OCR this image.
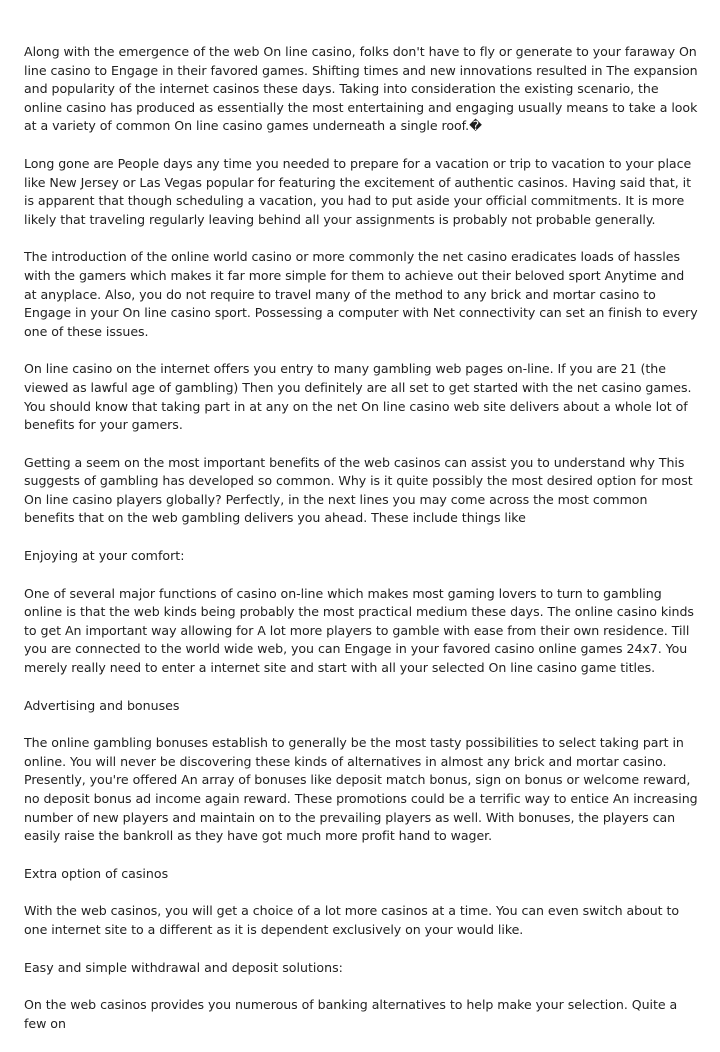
Along with the emergence of the web On line casino, folks don't have to fly or generate to your faraway On line casino to Engage in their favored games. Shifting times and new innovations resulted in The expansion and popularity of the internet casinos these days. Taking into consideration the existing scenario, the online casino has produced as essentially the most entertaining and engaging usually means to take a look at a variety of common On line casino games underneath a single roof.�

Long gone are People days any time you needed to prepare for a vacation or trip to vacation to your place like New Jersey or Las Vegas popular for featuring the excitement of authentic casinos. Having said that, it is apparent that though scheduling a vacation, you had to put aside your official commitments. It is more likely that traveling regularly leaving behind all your assignments is probably not probable generally.

The introduction of the online world casino or more commonly the net casino eradicates loads of hassles with the gamers which makes it far more simple for them to achieve out their beloved sport Anytime and at anyplace. Also, you do not require to travel many of the method to any brick and mortar casino to Engage in your On line casino sport. Possessing a computer with Net connectivity can set an finish to every one of these issues.

On line casino on the internet offers you entry to many gambling web pages on-line. If you are 21 (the viewed as lawful age of gambling) Then you definitely are all set to get started with the net casino games. You should know that taking part in at any on the net On line casino web site delivers about a whole lot of benefits for your gamers.

Getting a seem on the most important benefits of the web casinos can assist you to understand why This suggests of gambling has developed so common. Why is it quite possibly the most desired option for most On line casino players globally? Perfectly, in the next lines you may come across the most common benefits that on the web gambling delivers you ahead. These include things like

Enjoying at your comfort:

One of several major functions of casino on-line which makes most gaming lovers to turn to gambling online is that the web kinds being probably the most practical medium these days. The online casino kinds to get An important way allowing for A lot more players to gamble with ease from their own residence. Till you are connected to the world wide web, you can Engage in your favored casino online games 24x7. You merely really need to enter a internet site and start with all your selected On line casino game titles.

Advertising and bonuses

The online gambling bonuses establish to generally be the most tasty possibilities to select taking part in online. You will never be discovering these kinds of alternatives in almost any brick and mortar casino. Presently, you're offered An array of bonuses like deposit match bonus, sign on bonus or welcome reward, no deposit bonus ad income again reward. These promotions could be a terrific way to entice An increasing number of new players and maintain on to the prevailing players as well. With bonuses, the players can easily raise the bankroll as they have got much more profit hand to wager.

Extra option of casinos

With the web casinos, you will get a choice of a lot more casinos at a time. You can even switch about to one internet site to a different as it is dependent exclusively on your would like.

Easy and simple withdrawal and deposit solutions:

On the web casinos provides you numerous of banking alternatives to help make your selection. Quite a few on
